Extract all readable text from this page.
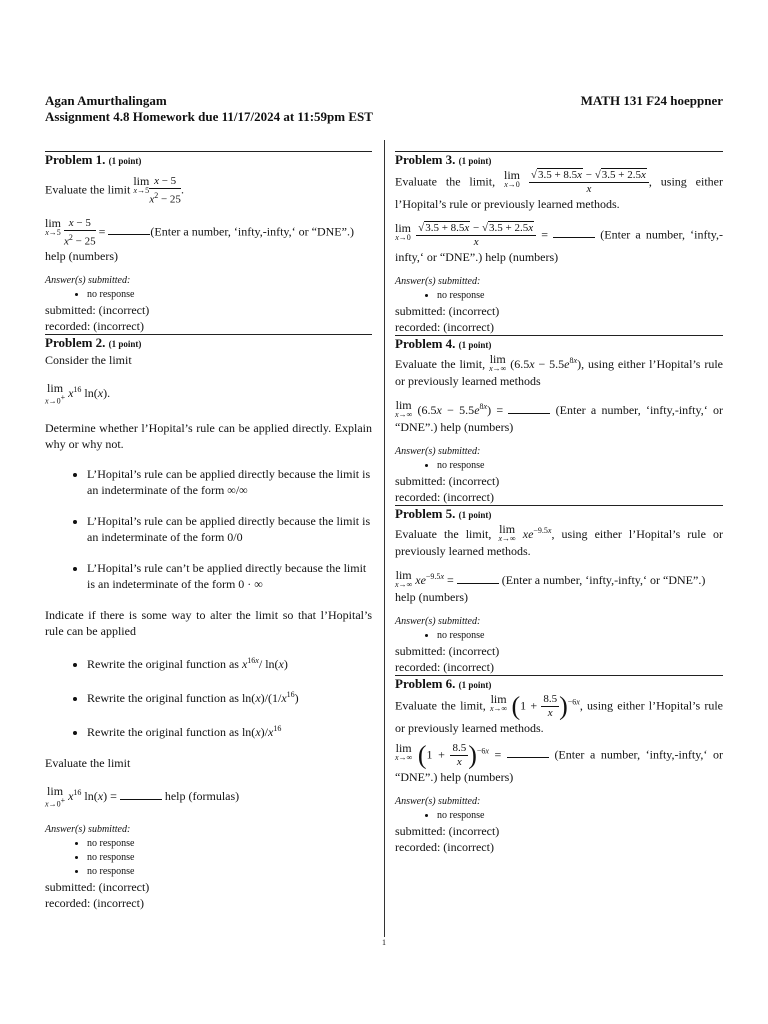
Agan Amurthalingam
Assignment 4.8 Homework due 11/17/2024 at 11:59pm EST
MATH 131 F24 hoeppner
Problem 1. (1 point)

Evaluate the limit lim
$x\to 5 \frac{x - 5}{x^2 - 25}$ .

lim
x→5
$\frac{x - 5}{x^2 - 25}$ =	(Enter a number, ‘infty,-infty,‘ or “DNE”.)

help (numbers)

Answer(s) submitted:
• no response

submitted: (incorrect)

recorded: (incorrect)

Problem 2. (1 point)

Consider the limit

lim
x→0+ $x^{16}$ ln(x).

Determine whether l’Hopital’s rule can be applied directly. Explain why or why not.

• L’Hopital’s rule can be applied directly because the limit is an indeterminate of the form ∞/∞
• L’Hopital’s rule can be applied directly because the limit is an indeterminate of the form 0/0
• L’Hopital’s rule can’t be applied directly because the limit is an indeterminate of the form 0 · ∞

Indicate if there is some way to alter the limit so that l’Hopital’s rule can be applied

• Rewrite the original function as $x^{16x}/$ ln(x)
• Rewrite the original function as $\ln(x)/(1/x^{16})$
• Rewrite the original function as $\ln(x)/x^{16}$

Evaluate the limit

lim
x→0+ $x^{16}$ ln(x) =	help (formulas)

Answer(s) submitted:
• no response
• no response
• no response

submitted: (incorrect)

recorded: (incorrect)

Problem 3. (1 point)

Evaluate the limit, lim
x→0
$\frac{√3.5 + 8.5x - √3.5 + 2.5x}{x}$ , using either l’Hopital’s rule or previously learned methods.

lim
x→0
$\frac{√3.5 + 8.5x - √3.5 + 2.5x}{x}$ =	(Enter a number, ‘infty,-infty,‘ or “DNE”.) help (numbers)

Answer(s) submitted:
• no response

submitted: (incorrect)

recorded: (incorrect)

Problem 4. (1 point)

Evaluate the limit, lim
x→∞ $(6.5x - 5.5e^{8x})$, using either l’Hopital’s rule or previously learned methods

lim
x→∞ $(6.5x - 5.5e^{8x})$ =	(Enter a number, ‘infty,-infty,‘ or “DNE”.) help (numbers)

Answer(s) submitted:
• no response

submitted: (incorrect)

recorded: (incorrect)

Problem 5. (1 point)

Evaluate the limit, lim
x→∞ $xe^{-9.5x}$, using either l’Hopital’s rule or previously learned methods.

lim
x→∞ $xe^{-9.5x}$ =	(Enter a number, ‘infty,-infty,‘ or “DNE”.) help (numbers)

Answer(s) submitted:
• no response

submitted: (incorrect)

recorded: (incorrect)

Problem 6. (1 point)

Evaluate the limit, lim
x→∞ $(1 + \frac{8.5}{x} )^{-6x}$, using either l’Hopital’s rule or previously learned methods.

lim
x→∞ $(1 + \frac{8.5}{x} )^{-6x}$ =	(Enter a number, ‘infty,-infty,‘ or “DNE”.) help (numbers)

Answer(s) submitted:
• no response

submitted: (incorrect)

recorded: (incorrect)

1
